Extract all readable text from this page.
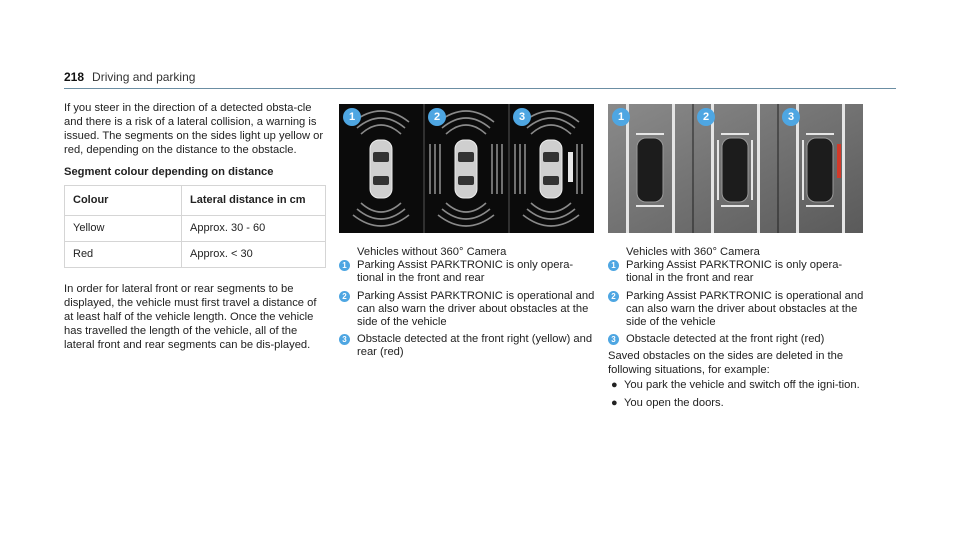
218 Driving and parking

If you steer in the direction of a detected obsta-cle and there is a risk of a lateral collision, a warning is issued. The segments on the sides light up yellow or red, depending on the distance to the obstacle.

Segment colour depending on distance

Colour	Lateral distance in cm
Yellow	Approx. 30 - 60
Red	Approx. < 30

In order for lateral front or rear segments to be displayed, the vehicle must first travel a distance of at least half of the vehicle length. Once the vehicle has travelled the length of the vehicle, all of the lateral front and rear segments can be dis-played.

1	2	3	1	2	3
Vehicles without 360° Camera
1 Parking Assist PARKTRONIC is only opera-tional in the front and rear
2 Parking Assist PARKTRONIC is operational and can also warn the driver about obstacles at the side of the vehicle
3 Obstacle detected at the front right (yellow) and rear (red)
Vehicles with 360° Camera
1 Parking Assist PARKTRONIC is only opera-tional in the front and rear
2 Parking Assist PARKTRONIC is operational and can also warn the driver about obstacles at the side of the vehicle
3 Obstacle detected at the front right (red)

Saved obstacles on the sides are deleted in the following situations, for example:

● You park the vehicle and switch off the igni-tion.
● You open the doors.
